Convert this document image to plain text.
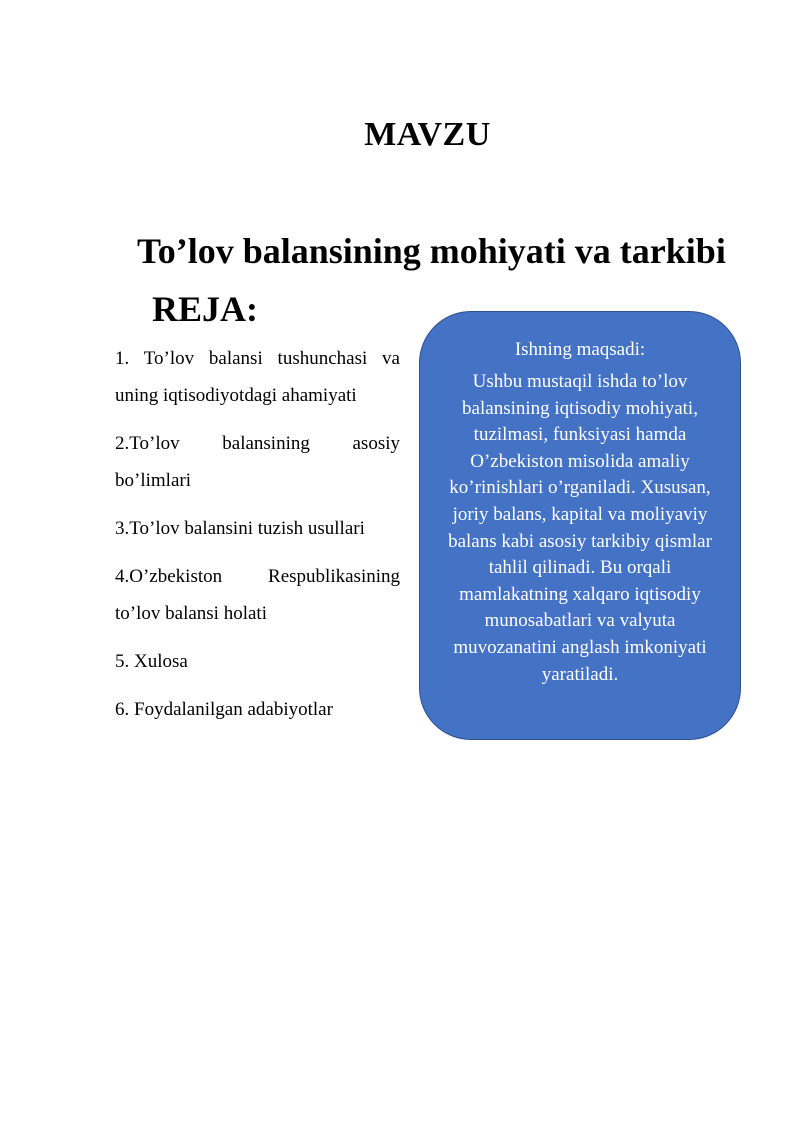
MAVZU
To’lov balansining mohiyati va tarkibi
REJA:
1. To’lov balansi tushunchasi va uning iqtisodiyotdagi ahamiyati
2.To’lov balansining asosiy bo’limlari
3.To’lov balansini tuzish usullari
4.O’zbekiston Respublikasining to’lov balansi holati
5. Xulosa
6. Foydalanilgan adabiyotlar

Ishning maqsadi:

Ushbu mustaqil ishda to’lov balansining iqtisodiy mohiyati, tuzilmasi, funksiyasi hamda O’zbekiston misolida amaliy ko’rinishlari o’rganiladi. Xususan, joriy balans, kapital va moliyaviy balans kabi asosiy tarkibiy qismlar tahlil qilinadi. Bu orqali mamlakatning xalqaro iqtisodiy munosabatlari va valyuta muvozanatini anglash imkoniyati yaratiladi.
